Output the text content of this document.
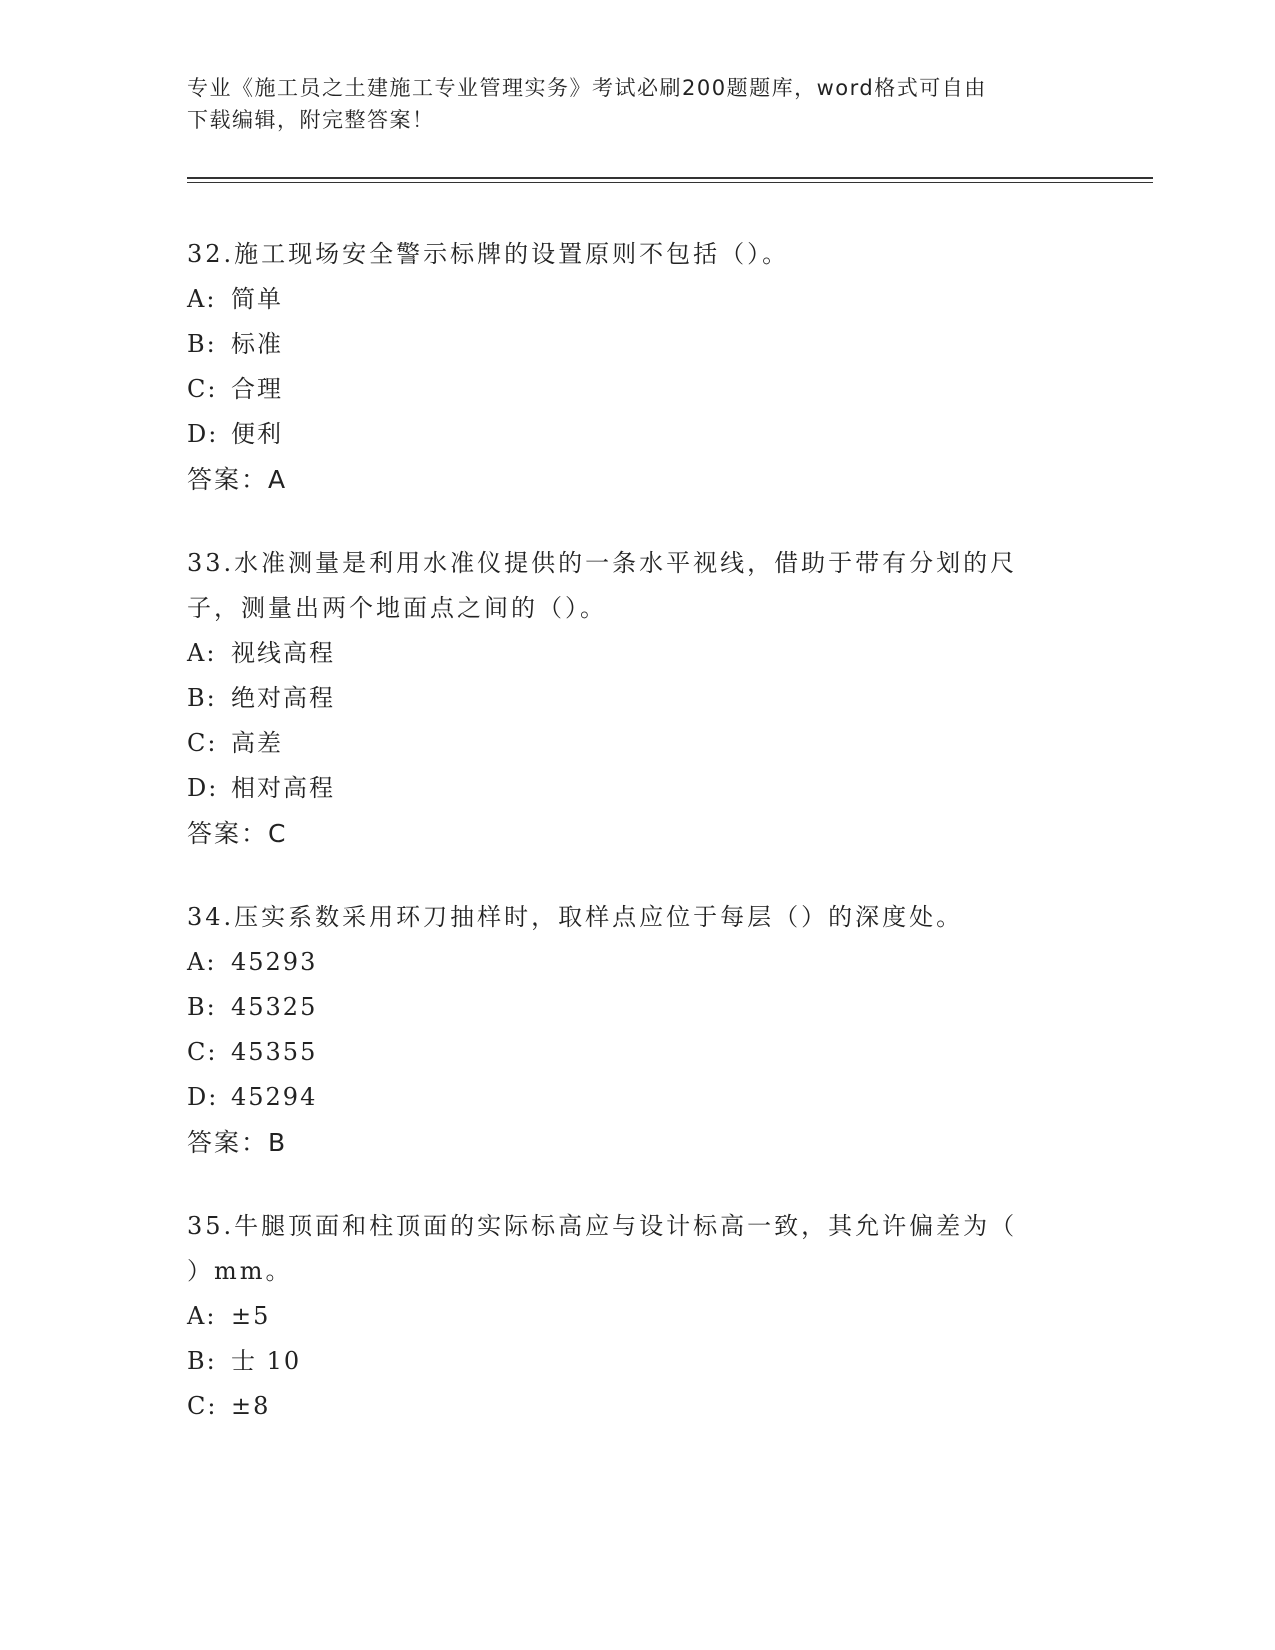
专业《施工员之土建施工专业管理实务》考试必刷200题题库，word格式可自由
下载编辑，附完整答案！

32.施工现场安全警示标牌的设置原则不包括（）。

A: 简单

B: 标准

C: 合理

D: 便利

答案：A

33.水准测量是利用水准仪提供的一条水平视线，借助于带有分划的尺

子，测量出两个地面点之间的（）。

A: 视线高程

B: 绝对高程

C: 高差

D: 相对高程

答案：C

34.压实系数采用环刀抽样时，取样点应位于每层（）的深度处。

A: 45293

B: 45325

C: 45355

D: 45294

答案：B

35.牛腿顶面和柱顶面的实际标高应与设计标高一致，其允许偏差为（

）mm。

A: ±5

B: 士 10

C: ±8
